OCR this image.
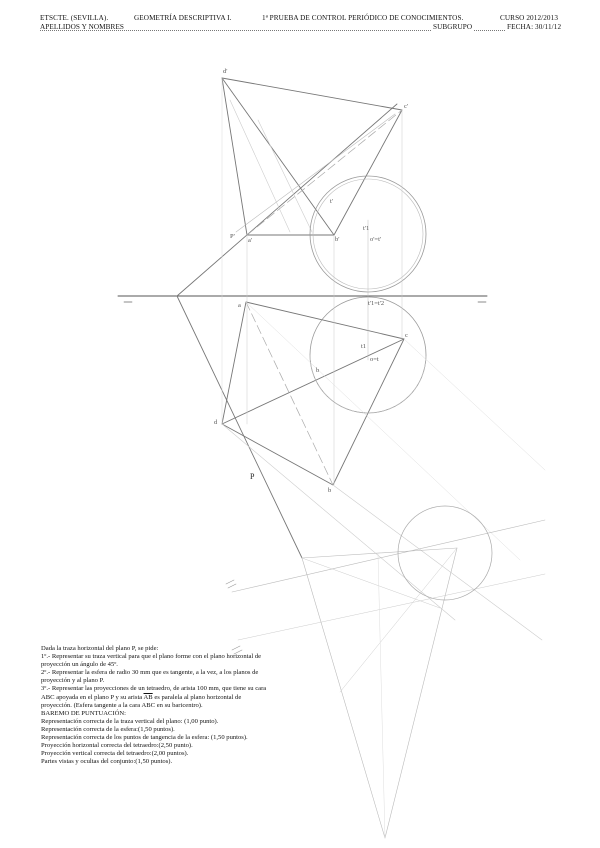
ETSCTE. (SEVILLA).	GEOMETRÍA DESCRIPTIVA I.	1ª PRUEBA DE CONTROL PERIÓDICO DE CONOCIMIENTOS.	CURSO 2012/2013
APELLIDOS Y NOMBRES	SUBGRUPO	FECHA: 30/11/12
d'
c'
P'
a'	b'
t'
o'=t'
t'1
t'1=t'2
a
c
t1
o=t
b
d
b
P

Dada la traza horizontal del plano P, se pide:

1º.- Representar su traza vertical para que el plano forme con el plano horizontal de proyección un ángulo de 45º.

2º.- Representar la esfera de radio 30 mm que es tangente, a la vez, a los planos de proyección y al plano P.

3º.- Representar las proyecciones de un tetraedro, de arista 100 mm, que tiene su cara ABC apoyada en el plano P y su arista $\overline{AB}$ es paralela al plano horizontal de proyección. (Esfera tangente a la cara ABC en su baricentro).

BAREMO DE PUNTUACIÓN:

Representación correcta de la traza vertical del plano: (1,00 punto).

Representación correcta de la esfera:(1,50 puntos).

Representación correcta de los puntos de tangencia de la esfera: (1,50 puntos).

Proyección horizontal correcta del tetraedro:(2,50 punto).

Proyección vertical correcta del tetraedro:(2,00 puntos).

Partes vistas y ocultas del conjunto:(1,50 puntos).
